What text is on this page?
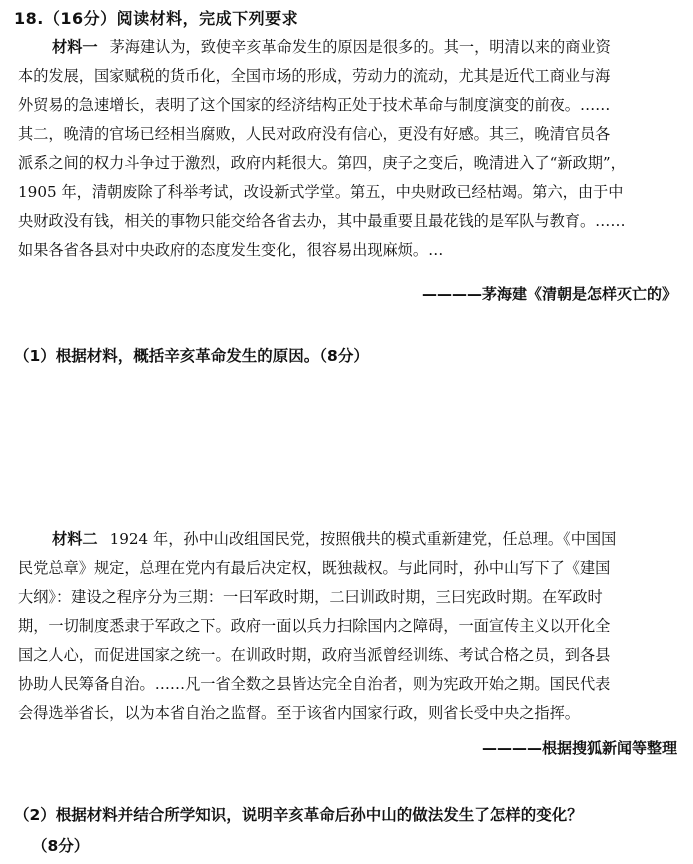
18.（16分）阅读材料，完成下列要求
材料一 茅海建认为，致使辛亥革命发生的原因是很多的。其一，明清以来的商业资
本的发展，国家赋税的货币化，全国市场的形成，劳动力的流动，尤其是近代工商业与海
外贸易的急速增长，表明了这个国家的经济结构正处于技术革命与制度演变的前夜。……
其二，晚清的官场已经相当腐败，人民对政府没有信心，更没有好感。其三，晚清官员各
派系之间的权力斗争过于激烈，政府内耗很大。第四，庚子之变后，晚清进入了“新政期”，
1905 年，清朝废除了科举考试，改设新式学堂。第五，中央财政已经枯竭。第六，由于中
央财政没有钱，相关的事物只能交给各省去办，其中最重要且最花钱的是军队与教育。……
如果各省各县对中央政府的态度发生变化，很容易出现麻烦。…
————茅海建《清朝是怎样灭亡的》
（1）根据材料，概括辛亥革命发生的原因。（8分）
材料二 1924 年，孙中山改组国民党，按照俄共的模式重新建党，任总理。《中国国
民党总章》规定，总理在党内有最后决定权，既独裁权。与此同时，孙中山写下了《建国
大纲》：建设之程序分为三期：一曰军政时期，二曰训政时期，三曰宪政时期。在军政时
期，一切制度悉隶于军政之下。政府一面以兵力扫除国内之障碍，一面宣传主义以开化全
国之人心，而促进国家之统一。在训政时期，政府当派曾经训练、考试合格之员，到各县
协助人民筹备自治。……凡一省全数之县皆达完全自治者，则为宪政开始之期。国民代表
会得选举省长，以为本省自治之监督。至于该省内国家行政，则省长受中央之指挥。
————根据搜狐新闻等整理
（2）根据材料并结合所学知识，说明辛亥革命后孙中山的做法发生了怎样的变化？
（8分）
